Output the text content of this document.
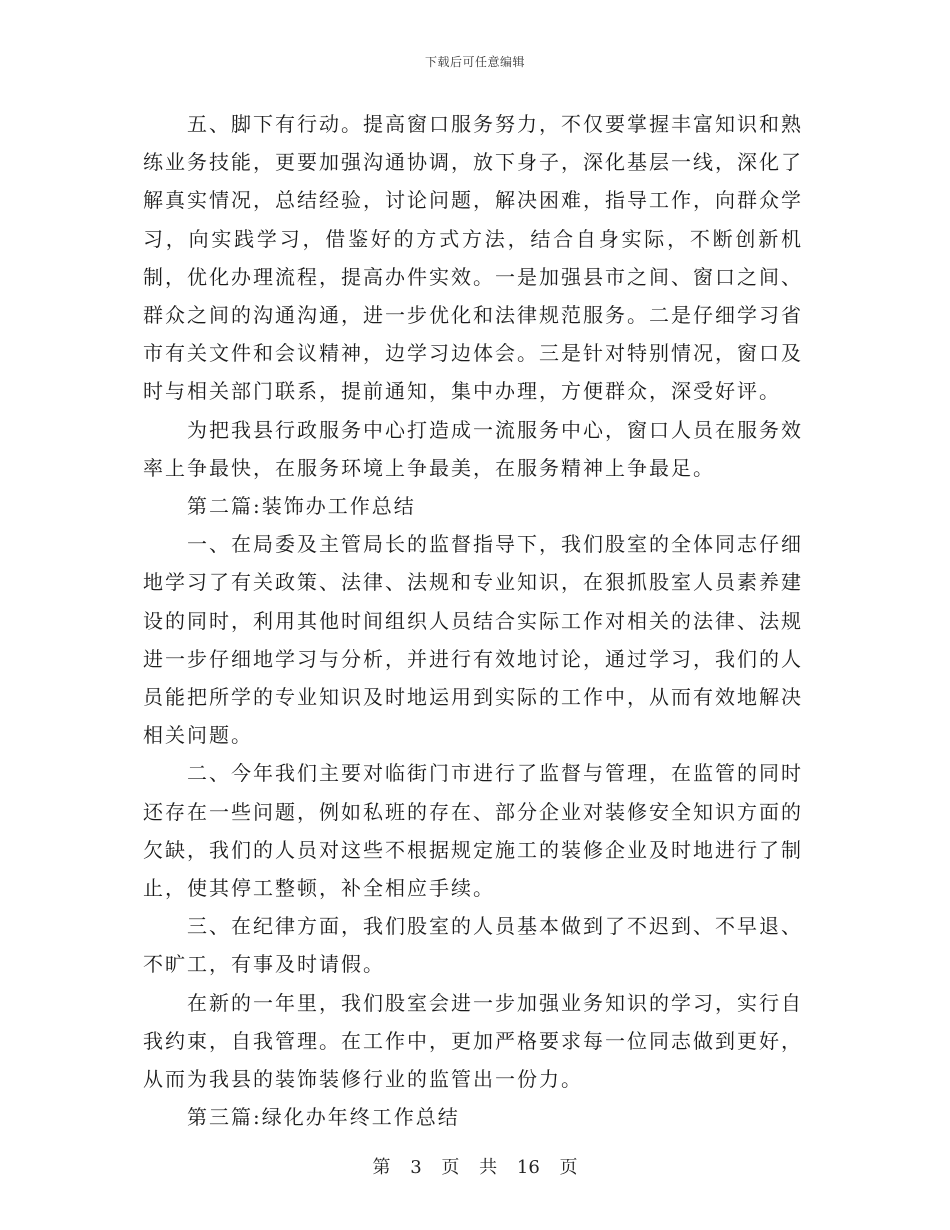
下载后可任意编辑

五、脚下有行动。提高窗口服务努力，不仅要掌握丰富知识和熟练业务技能，更要加强沟通协调，放下身子，深化基层一线，深化了解真实情况，总结经验，讨论问题，解决困难，指导工作，向群众学习，向实践学习，借鉴好的方式方法，结合自身实际，不断创新机制，优化办理流程，提高办件实效。一是加强县市之间、窗口之间、群众之间的沟通沟通，进一步优化和法律规范服务。二是仔细学习省市有关文件和会议精神，边学习边体会。三是针对特别情况，窗口及时与相关部门联系，提前通知，集中办理，方便群众，深受好评。

为把我县行政服务中心打造成一流服务中心，窗口人员在服务效率上争最快，在服务环境上争最美，在服务精神上争最足。

第二篇:装饰办工作总结

一、在局委及主管局长的监督指导下，我们股室的全体同志仔细地学习了有关政策、法律、法规和专业知识，在狠抓股室人员素养建设的同时，利用其他时间组织人员结合实际工作对相关的法律、法规进一步仔细地学习与分析，并进行有效地讨论，通过学习，我们的人员能把所学的专业知识及时地运用到实际的工作中，从而有效地解决相关问题。

二、今年我们主要对临街门市进行了监督与管理，在监管的同时还存在一些问题，例如私班的存在、部分企业对装修安全知识方面的欠缺，我们的人员对这些不根据规定施工的装修企业及时地进行了制止，使其停工整顿，补全相应手续。

三、在纪律方面，我们股室的人员基本做到了不迟到、不早退、不旷工，有事及时请假。

在新的一年里，我们股室会进一步加强业务知识的学习，实行自我约束，自我管理。在工作中，更加严格要求每一位同志做到更好，从而为我县的装饰装修行业的监管出一份力。

第三篇:绿化办年终工作总结

第 3 页 共 16 页
